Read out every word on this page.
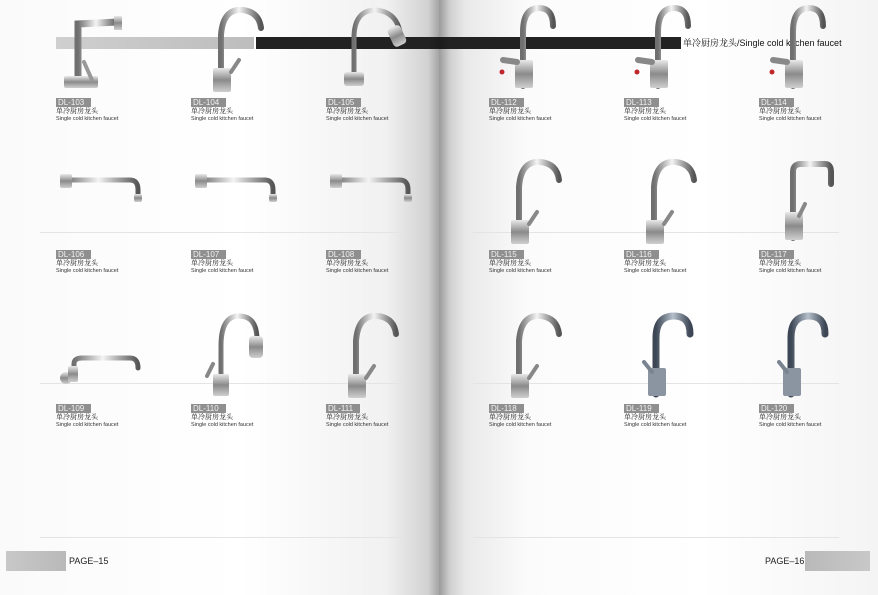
DL-103
单冷厨房龙头
Single cold kitchen faucet
DL-104
单冷厨房龙头
Single cold kitchen faucet
DL-105
单冷厨房龙头
Single cold kitchen faucet
DL-106
单冷厨房龙头
Single cold kitchen faucet
DL-107
单冷厨房龙头
Single cold kitchen faucet
DL-108
单冷厨房龙头
Single cold kitchen faucet
DL-109
单冷厨房龙头
Single cold kitchen faucet
DL-110
单冷厨房龙头
Single cold kitchen faucet
DL-111
单冷厨房龙头
Single cold kitchen faucet
PAGE–15
单冷厨房龙头/Single cold kitchen faucet
DL-112
单冷厨房龙头
Single cold kitchen faucet
DL-113
单冷厨房龙头
Single cold kitchen faucet
DL-114
单冷厨房龙头
Single cold kitchen faucet
DL-115
单冷厨房龙头
Single cold kitchen faucet
DL-116
单冷厨房龙头
Single cold kitchen faucet
DL-117
单冷厨房龙头
Single cold kitchen faucet
DL-118
单冷厨房龙头
Single cold kitchen faucet
DL-119
单冷厨房龙头
Single cold kitchen faucet
DL-120
单冷厨房龙头
Single cold kitchen faucet
PAGE–16
